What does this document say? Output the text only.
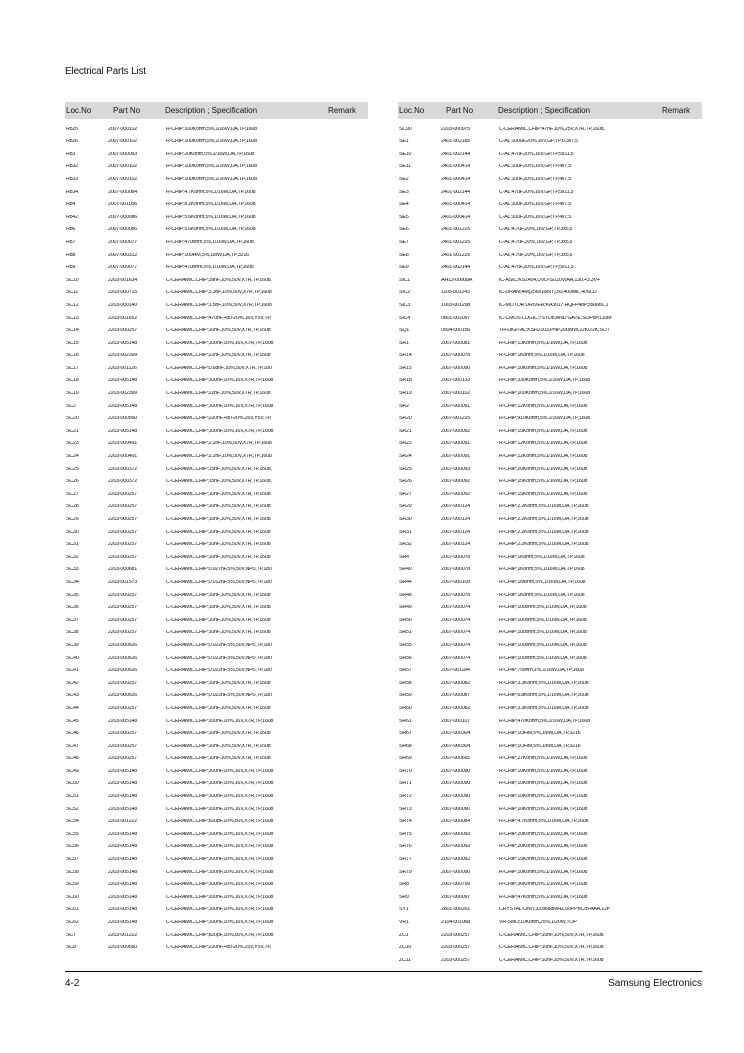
Electrical Parts List
Loc.No	Part No	Description ; Specification	Remark
R825	2007-000102	R-CHIP;100Kohm,5%,1/16W,DA,TP,1608
R826	2007-000102	R-CHIP;100Kohm,5%,1/16W,DA,TP,1608
R83	2007-000093	R-CHIP;20Kohm,5%,1/16W,DA,TP,1608
R832	2007-000102	R-CHIP;100Kohm,5%,1/16W,DA,TP,1608
R833	2007-000102	R-CHIP;100Kohm,5%,1/16W,DA,TP,1608
R834	2007-000084	R-CHIP;4.7Kohm,5%,1/16W,DA,TP,1608
R84	2007-001056	R-CHIP;8.2Kohm,5%,1/16W,DA,TP,1608
R842	2007-000086	R-CHIP;5.6Kohm,5%,1/16W,DA,TP,1608
R86	2007-000086	R-CHIP;5.6Kohm,5%,1/16W,DA,TP,1608
R87	2007-000077	R-CHIP;470ohm,5%,1/16W,DA,TP,1608
R88	2007-000312	R-CHIP;100HM,5%,1/8W,DA,TP,3216
R89	2007-000077	R-CHIP;470ohm,5%,1/16W,DA,TP,1608
SC10	2203-001634	C-CERAMIC,CHIP;39nF,10%,50V,X7R,TP,1608,
SC11	2203-000715	C-CERAMIC,CHIP;3.3nF,10%,50V,X7R,TP,1608
SC12	2203-000140	C-CERAMIC,CHIP;1.5nF,10%,50V,X7R,TP,1608
SC13	2203-001652	C-CERAMIC,CHIP;470nF,+80-20%,16V,Y5V,TP,
SC14	2203-000257	C-CERAMIC,CHIP;10nF,10%,50V,X7R,TP,1608
SC15	2203-005148	C-CERAMIC,CHIP;100nF,10%,16V,X7R,TP,1608
SC16	2203-002399	C-CERAMIC,CHIP;22nF,10%,50V,X7R,TP,1608
SC17	2203-001126	C-CERAMIC,CHIP;0.68nF,10%,50V,X7R,TP,180
SC18	2203-005148	C-CERAMIC,CHIP;100nF,10%,16V,X7R,TP,1608
SC19	2203-002399	C-CERAMIC,CHIP;22nF,10%,50V,X7R,TP,1608
SC2	2203-005148	C-CERAMIC,CHIP;100nF,10%,16V,X7R,TP,1608
SC20	2203-000560	C-CERAMIC,CHIP;220nF,+80-20%,25V,Y5V,TP,
SC21	2203-005148	C-CERAMIC,CHIP;100nF,10%,16V,X7R,TP,1608
SC23	2203-000491	C-CERAMIC,CHIP;2.2nF,10%,50V,X7R,TP,1608
SC24	2203-000491	C-CERAMIC,CHIP;2.2nF,10%,50V,X7R,TP,1608
SC25	2203-000372	C-CERAMIC,CHIP;15nF,10%,50V,X7R,TP,1608,
SC26	2203-000372	C-CERAMIC,CHIP;15nF,10%,50V,X7R,TP,1608,
SC27	2203-000257	C-CERAMIC,CHIP;10nF,10%,50V,X7R,TP,1608
SC28	2203-000257	C-CERAMIC,CHIP;10nF,10%,50V,X7R,TP,1608
SC29	2203-000257	C-CERAMIC,CHIP;10nF,10%,50V,X7R,TP,1608
SC30	2203-000257	C-CERAMIC,CHIP;10nF,10%,50V,X7R,TP,1608
SC31	2203-000257	C-CERAMIC,CHIP;10nF,10%,50V,X7R,TP,1608
SC32	2203-000257	C-CERAMIC,CHIP;10nF,10%,50V,X7R,TP,1608
SC33	2203-000681	C-CERAMIC,CHIP;0.027nF,5%,50V,NP0,TP,180
SC34	2203-001573	C-CERAMIC,CHIP;0.012nF,5%,50V,NP0,TP,180
SC35	2203-000257	C-CERAMIC,CHIP;10nF,10%,50V,X7R,TP,1608
SC36	2203-000257	C-CERAMIC,CHIP;10nF,10%,50V,X7R,TP,1608
SC37	2203-000257	C-CERAMIC,CHIP;10nF,10%,50V,X7R,TP,1608
SC38	2203-000257	C-CERAMIC,CHIP;10nF,10%,50V,X7R,TP,1608
SC39	2203-000626	C-CERAMIC,CHIP;0.022nF,5%,50V,NP0,TP,180
SC40	2203-000626	C-CERAMIC,CHIP;0.022nF,5%,50V,NP0,TP,180
SC41	2203-000626	C-CERAMIC,CHIP;0.022nF,5%,50V,NP0,TP,180
SC42	2203-000257	C-CERAMIC,CHIP;10nF,10%,50V,X7R,TP,1608
SC43	2203-000626	C-CERAMIC,CHIP;0.022nF,5%,50V,NP0,TP,180
SC44	2203-000257	C-CERAMIC,CHIP;10nF,10%,50V,X7R,TP,1608
SC45	2203-005148	C-CERAMIC,CHIP;100nF,10%,16V,X7R,TP,1608
SC46	2203-000257	C-CERAMIC,CHIP;10nF,10%,50V,X7R,TP,1608
SC47	2203-000257	C-CERAMIC,CHIP;10nF,10%,50V,X7R,TP,1608
SC48	2203-000257	C-CERAMIC,CHIP;10nF,10%,50V,X7R,TP,1608
SC49	2203-005148	C-CERAMIC,CHIP;100nF,10%,16V,X7R,TP,1608
SC50	2203-005148	C-CERAMIC,CHIP;100nF,10%,16V,X7R,TP,1608
SC51	2203-005148	C-CERAMIC,CHIP;100nF,10%,16V,X7R,TP,1608
SC52	2203-005148	C-CERAMIC,CHIP;100nF,10%,16V,X7R,TP,1608
SC54	2203-001222	C-CERAMIC,CHIP;820pF,10%,50V,X7R,TP,1608
SC55	2203-005148	C-CERAMIC,CHIP;100nF,10%,16V,X7R,TP,1608
SC56	2203-005148	C-CERAMIC,CHIP;100nF,10%,16V,X7R,TP,1608
SC57	2203-005148	C-CERAMIC,CHIP;100nF,10%,16V,X7R,TP,1608
SC58	2203-005148	C-CERAMIC,CHIP;100nF,10%,16V,X7R,TP,1608
SC59	2203-005148	C-CERAMIC,CHIP;100nF,10%,16V,X7R,TP,1608
SC60	2203-005148	C-CERAMIC,CHIP;100nF,10%,16V,X7R,TP,1608
SC61	2203-005148	C-CERAMIC,CHIP;100nF,10%,16V,X7R,TP,1608
SC62	2203-005148	C-CERAMIC,CHIP;100nF,10%,16V,X7R,TP,1608
SC7	2203-001222	C-CERAMIC,CHIP;820pF,10%,50V,X7R,TP,1608
SC8	2203-000560	C-CERAMIC,CHIP;220nF,+80-20%,25V,Y5V,TP,
Loc.No	Part No	Description ; Specification	Remark
SC90	2203-000975	C-CERAMIC,CHIP;47nF,10%,25V,X7R,TP,1608,
SE1	2401-002185	C-AL;100uF,20%,16V,GP,TP,6.3x7,5
SE10	2401-002144	C-AL;47uF,20%,16V,GP,TP,5x11,5
SE11	2401-000414	C-AL;10uF,20%,16V,GP,TP,4x7,5
SE2	2401-000414	C-AL;10uF,20%,16V,GP,TP,4x7,5
SE3	2401-002144	C-AL;47uF,20%,16V,GP,TP,5x11,5
SE4	2401-000414	C-AL;10uF,20%,16V,GP,TP,4x7,5
SE5	2401-000414	C-AL;10uF,20%,16V,GP,TP,4x7,5
SE6	2401-001225	C-AL;4.7uF,20%,16V,GP,TP,3x5,5
SE7	2401-001225	C-AL;4.7uF,20%,16V,GP,TP,3x5,5
SE8	2401-001225	C-AL;4.7uF,20%,16V,GP,TP,3x5,5
SE9	2401-002144	C-AL;47uF,20%,16V,GP,TP,5x11,5
SIC1	AH13-00008A	IC-ASIC;KS1454,DVD-S/110V/AA,130,+3.3V+
SIC2	1105-001243	IC-DRAM;4M(256x16BIT),50,400MIL,40SOJ
SIC3	1003-001298	IC-MOTOR DRIVER;KA3017,HQFP48P,550MIL,1
SIC4	0801-002097	IC-CMOS LOGIC;7STO8,AND GATE,SOP8P,110M
SQ1	0504-000156	TR-DIGITAL;KSR2103,PNP,200MW,22K/22K,SOT
SR1	2007-000081	R-CHIP;13Kohm,5%,1/16W,DA,TP,1608
SR14	2007-000078	R-CHIP;1Kohm,5%,1/16W,DA,TP,1608
SR15	2007-000090	R-CHIP;10Kohm,5%,1/16W,DA,TP,1608
SR18	2007-000133	R-CHIP;330Kohm,5%,1/16W,DA,TP,1608
SR19	2007-000102	R-CHIP;100Kohm,5%,1/16W,DA,TP,1608
SR2	2007-000091	R-CHIP;12Kohm,5%,1/16W,DA,TP,1608
SR20	2007-001225	R-CHIP;910Kohm,5%,1/16W,DA,TP,1608
SR21	2007-000092	R-CHIP;15Kohm,5%,1/16W,DA,TP,1608
SR23	2007-000091	R-CHIP;12Kohm,5%,1/16W,DA,TP,1608
SR24	2007-000091	R-CHIP;12Kohm,5%,1/16W,DA,TP,1608
SR25	2007-000093	R-CHIP;20Kohm,5%,1/16W,DA,TP,1608
SR26	2007-000092	R-CHIP;15Kohm,5%,1/16W,DA,TP,1608
SR27	2007-000092	R-CHIP;15Kohm,5%,1/16W,DA,TP,1608
SR29	2007-000124	R-CHIP;2.2Kohm,5%,1/16W,DA,TP,1608
SR30	2007-000124	R-CHIP;2.2Kohm,5%,1/16W,DA,TP,1608
SR31	2007-000124	R-CHIP;2.2Kohm,5%,1/16W,DA,TP,1608
SR32	2007-000124	R-CHIP;2.2Kohm,5%,1/16W,DA,TP,1608
SR4	2007-000078	R-CHIP;1Kohm,5%,1/16W,DA,TP,1608
SR40	2007-000078	R-CHIP;1Kohm,5%,1/16W,DA,TP,1608
SR44	2007-000109	R-CHIP;1Mohm,5%,1/16W,DA,TP,1608
SR48	2007-000078	R-CHIP;1Kohm,5%,1/16W,DA,TP,1608
SR49	2007-000074	R-CHIP;100ohm,5%,1/16W,DA,TP,1608
SR50	2007-000074	R-CHIP;100ohm,5%,1/16W,DA,TP,1608
SR51	2007-000074	R-CHIP;100ohm,5%,1/16W,DA,TP,1608
SR55	2007-000074	R-CHIP;100ohm,5%,1/16W,DA,TP,1608
SR56	2007-000074	R-CHIP;100ohm,5%,1/16W,DA,TP,1608
SR57	2007-001184	R-CHIP;75ohm,1%,1/16W,DA,TP,1608
SR58	2007-000082	R-CHIP;3.3Kohm,5%,1/16W,DA,TP,1608
SR59	2007-000087	R-CHIP;6.8Kohm,5%,1/16W,DA,TP,1608
SR60	2007-000082	R-CHIP;3.3Kohm,5%,1/16W,DA,TP,1608
SR61	2007-000107	R-CHIP;470Kohm,5%,1/16W,DA,TP,1608
SR67	2007-000304	R-CHIP;1OHM,5%,1/8W,DA,TP,3216
SR68	2007-000304	R-CHIP;1OHM,5%,1/8W,DA,TP,3216
SR69	2007-000665	R-CHIP;27Kohm,5%,1/16W,DA,TP,1608
SR70	2007-000090	R-CHIP;10Kohm,5%,1/16W,DA,TP,1608
SR71	2007-000090	R-CHIP;10Kohm,5%,1/16W,DA,TP,1608
SR72	2007-000090	R-CHIP;10Kohm,5%,1/16W,DA,TP,1608
SR73	2007-000090	R-CHIP;10Kohm,5%,1/16W,DA,TP,1608
SR74	2007-000084	R-CHIP;4.7Kohm,5%,1/16W,DA,TP,1608
SR75	2007-000093	R-CHIP;20Kohm,5%,1/16W,DA,TP,1608
SR76	2007-000093	R-CHIP;20Kohm,5%,1/16W,DA,TP,1608
SR77	2007-000092	R-CHIP;15Kohm,5%,1/16W,DA,TP,1608
SR79	2007-000090	R-CHIP;10Kohm,5%,1/16W,DA,TP,1608
SR8	2007-000799	R-CHIP;36Kohm,5%,1/16W,DA,TP,1608
SR9	2007-000097	R-CHIP;47Kohm,5%,1/16W,DA,TP,1608
SY1	2801-000261	CRYSTAL-UNIT;33.8688MHZ,50PPM,28-AAA,12P
VR1	2104-001068	VR-SMD;10Kohm,25%,1/20W,TOP
ZC1	2203-000257	C-CERAMIC,CHIP;10nF,10%,50V,X7R,TP,1608
ZC10	2203-000257	C-CERAMIC,CHIP;10nF,10%,50V,X7R,TP,1608
ZC11	2203-000257	C-CERAMIC,CHIP;10nF,10%,50V,X7R,TP,1608
4-2	Samsung Electronics
